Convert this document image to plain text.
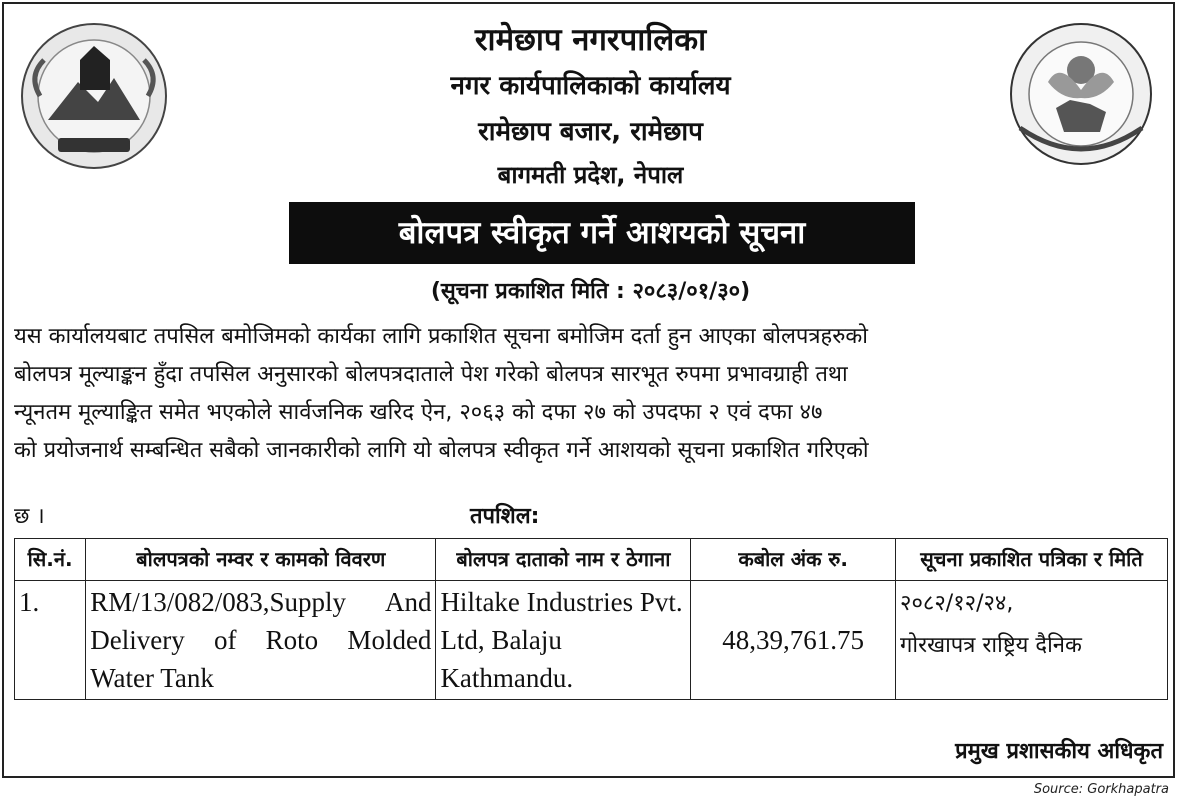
रामेछाप नगरपालिका
नगर कार्यपालिकाको कार्यालय
रामेछाप बजार, रामेछाप
बागमती प्रदेश, नेपाल
बोलपत्र स्वीकृत गर्ने आशयको सूचना
(सूचना प्रकाशित मिति : २०८३/०१/३०)
यस कार्यालयबाट तपसिल बमोजिमको कार्यका लागि प्रकाशित सूचना बमोजिम दर्ता हुन आएका बोलपत्रहरुको
बोलपत्र मूल्याङ्कन हुँदा तपसिल अनुसारको बोलपत्रदाताले पेश गरेको बोलपत्र सारभूत रुपमा प्रभावग्राही तथा
न्यूनतम मूल्याङ्कित समेत भएकोले सार्वजनिक खरिद ऐन, २०६३ को दफा २७ को उपदफा २ एवं दफा ४७
को प्रयोजनार्थ सम्बन्धित सबैको जानकारीको लागि यो बोलपत्र स्वीकृत गर्ने आशयको सूचना प्रकाशित गरिएको
छ ।	तपशिल:
सि.नं.	बोलपत्रको नम्वर र कामको विवरण	बोलपत्र दाताको नाम र ठेगाना	कबोल अंक रु.	सूचना प्रकाशित पत्रिका र मिति
1.	RM/13/082/083,Supply And Delivery of Roto Molded Water Tank	Hiltake Industries Pvt. Ltd, Balaju Kathmandu.	48,39,761.75	२०८२/१२/२४,
गोरखापत्र राष्ट्रिय दैनिक
प्रमुख प्रशासकीय अधिकृत
Source: Gorkhapatra
